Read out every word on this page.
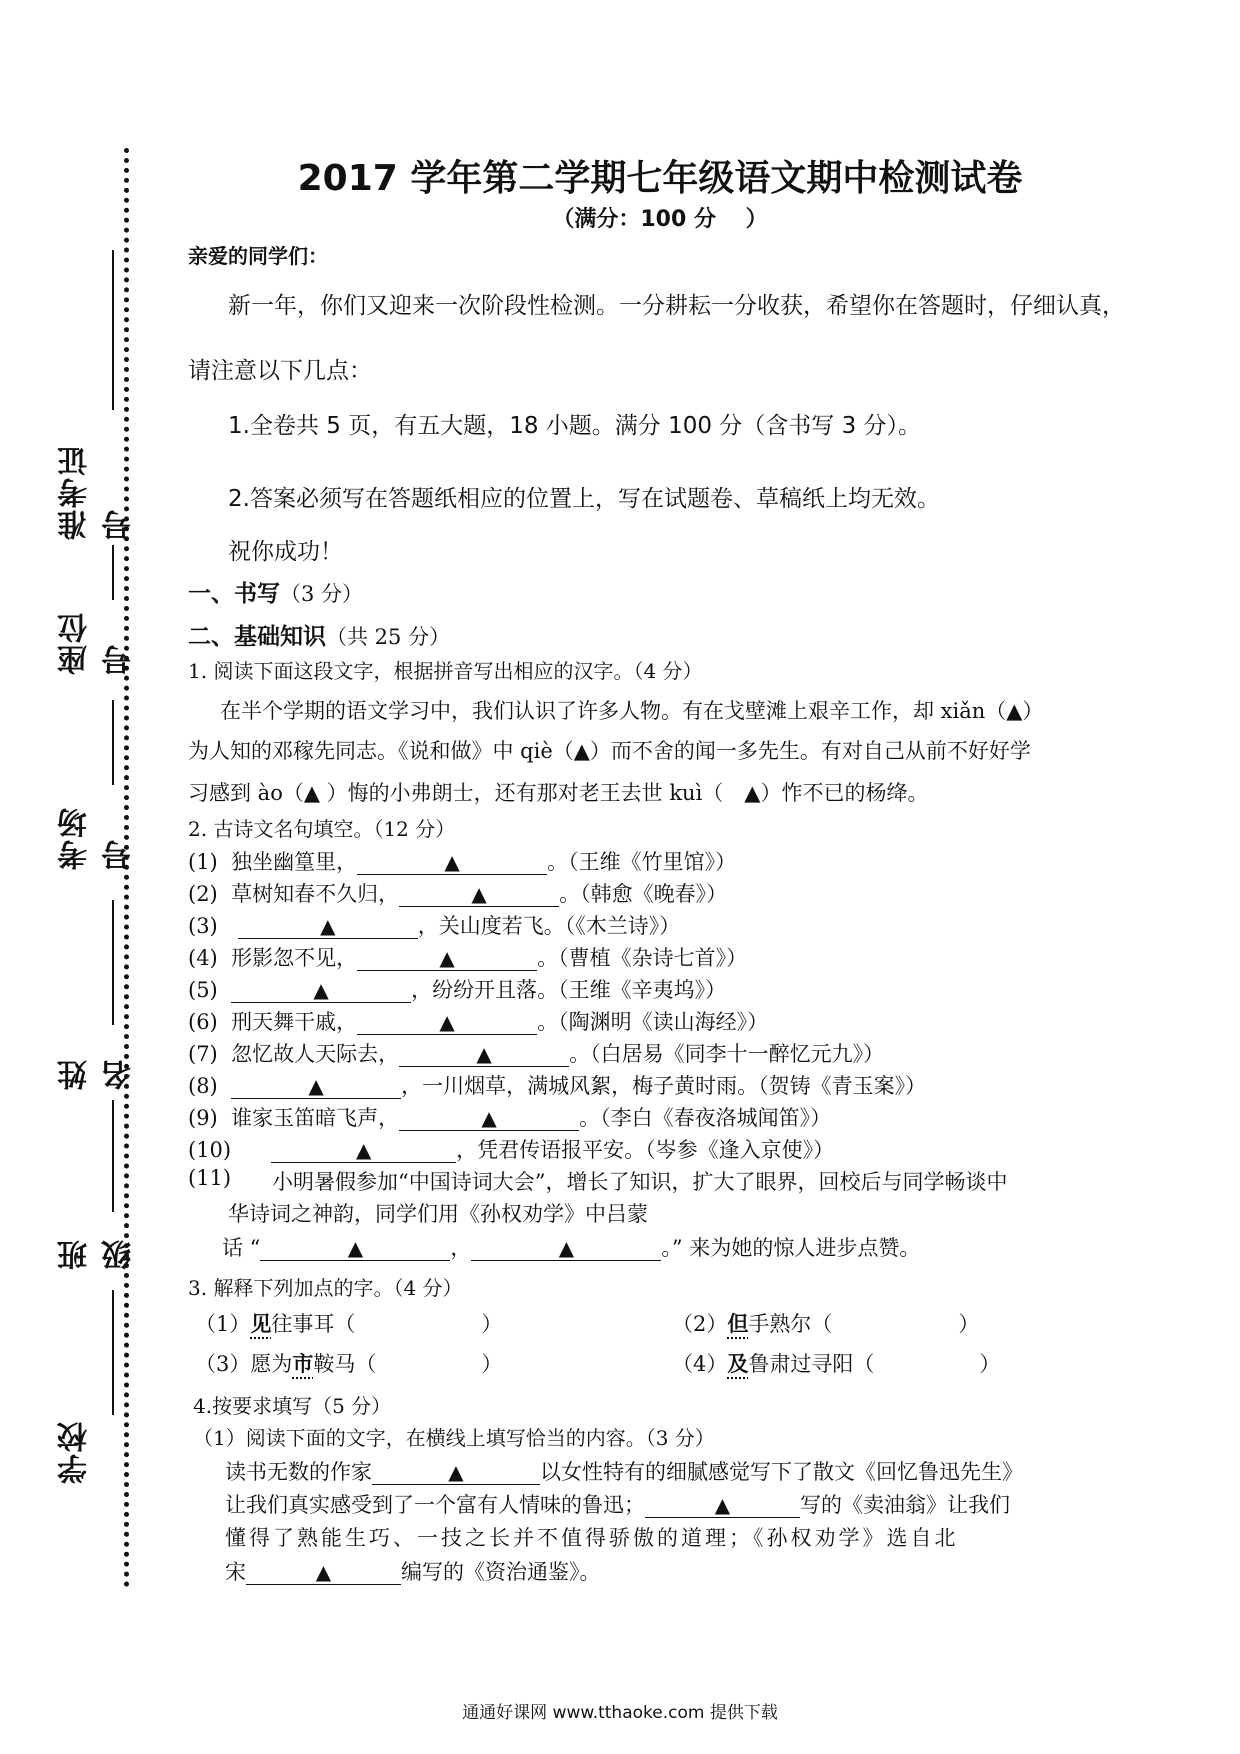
准考证号
座位号
考场号
姓名
班级
学校
2017 学年第二学期七年级语文期中检测试卷
（满分：100 分 　）
亲爱的同学们：
新一年，你们又迎来一次阶段性检测。一分耕耘一分收获，希望你在答题时，仔细认真，
请注意以下几点：
1.全卷共 5 页，有五大题，18 小题。满分 100 分（含书写 3 分）。
2.答案必须写在答题纸相应的位置上，写在试题卷、草稿纸上均无效。
祝你成功！
一、书写（3 分）
二、基础知识（共 25 分）
1. 阅读下面这段文字，根据拼音写出相应的汉字。（4 分）
在半个学期的语文学习中，我们认识了许多人物。有在戈壁滩上艰辛工作，却 xiǎn（▲）
为人知的邓稼先同志。《说和做》中 qiè（▲）而不舍的闻一多先生。有对自己从前不好好学
习感到 ào（▲ ）悔的小弗朗士，还有那对老王去世 kuì（　▲）怍不已的杨绛。
2. 古诗文名句填空。（12 分）
(1) 独坐幽篁里，	▲	。（王维《竹里馆》）
(2) 草树知春不久归，	▲	。（韩愈《晚春》）
(3)	▲	，关山度若飞。（《木兰诗》）
(4) 形影忽不见，	▲	。（曹植《杂诗七首》）
(5)	▲	，纷纷开且落。（王维《辛夷坞》）
(6) 刑天舞干戚，	▲	。（陶渊明《读山海经》）
(7) 忽忆故人天际去，	▲	。（白居易《同李十一醉忆元九》）
(8)	▲	，一川烟草，满城风絮，梅子黄时雨。（贺铸《青玉案》）
(9) 谁家玉笛暗飞声，	▲	。（李白《春夜洛城闻笛》）
(10)	▲	，凭君传语报平安。（岑参《逢入京使》）
(11) 小明暑假参加“中国诗词大会”，增长了知识，扩大了眼界，回校后与同学畅谈中
华诗词之神韵，同学们用《孙权劝学》中吕蒙
话 “	▲	，	▲	。” 来为她的惊人进步点赞。
3. 解释下列加点的字。（4 分）
（1）见往事耳（　　　　　　）	（2）但手熟尔（　　　　　　）
（3）愿为市鞍马（　　　　　）	（4）及鲁肃过寻阳（　　　　　）
4.按要求填写（5 分）
（1）阅读下面的文字，在横线上填写恰当的内容。（3 分）
读书无数的作家	▲	以女性特有的细腻感觉写下了散文《回忆鲁迅先生》
让我们真实感受到了一个富有人情味的鲁迅；	▲	写的《卖油翁》让我们
懂得了熟能生巧、一技之长并不值得骄傲的道理；《孙权劝学》选自北
宋	▲	编写的《资治通鉴》。
通通好课网 www.tthaoke.com 提供下载
